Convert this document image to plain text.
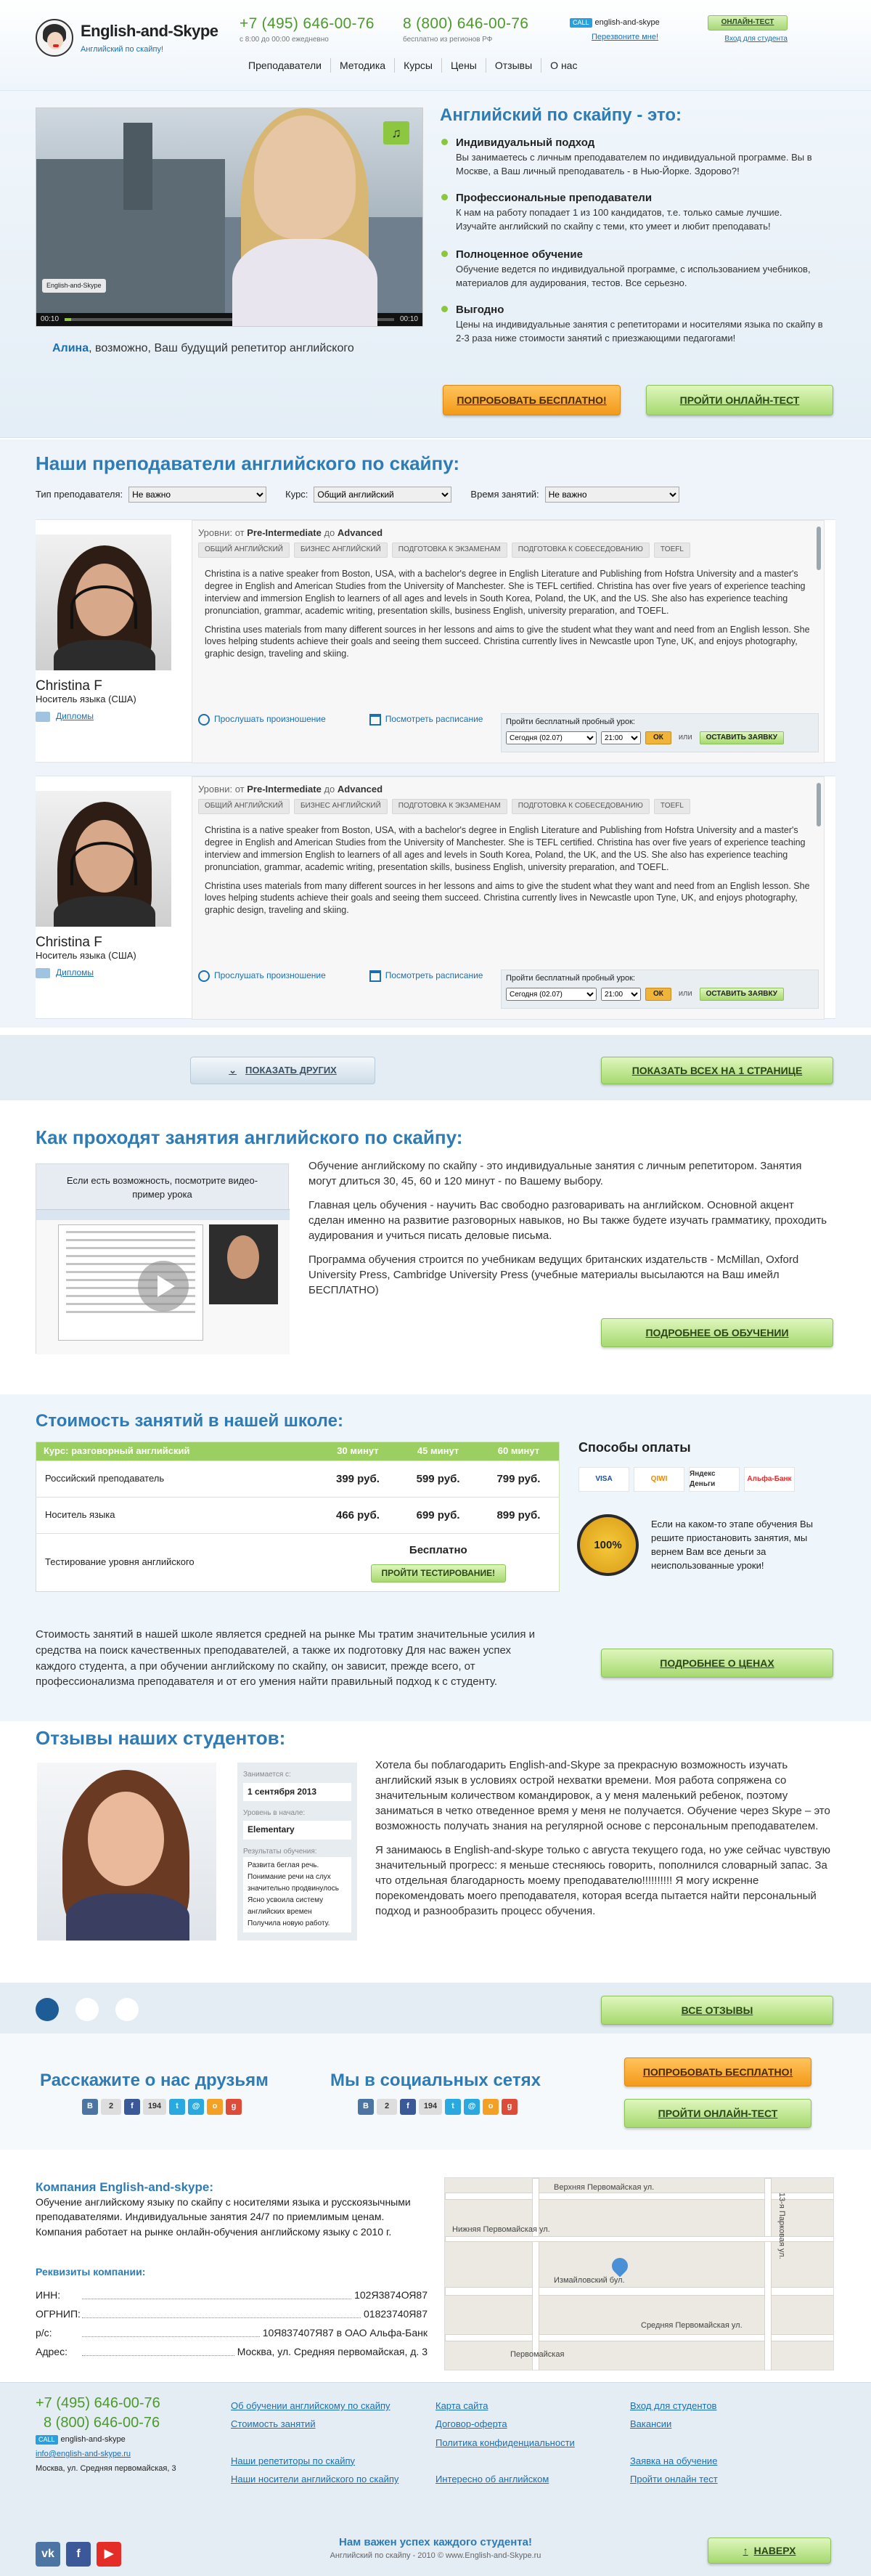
English-and-Skype
Английский по скайпу!
+7 (495) 646-00-76
с 8:00 до 00:00 ежедневно
8 (800) 646-00-76
бесплатно из регионов РФ
CALL english-and-skype
Перезвоните мне!
ОНЛАЙН-ТЕСТ
Вход для студента
Преподаватели	Методика	Курсы	Цены	Отзывы	О нас
♫
English-and-Skype
00:10	00:10
Алина, возможно, Ваш будущий репетитор английского
Английский по скайпу - это:
Индивидуальный подход

Вы занимаетесь с личным преподавателем по индивидуальной программе. Вы в Москве, а Ваш личный преподаватель - в Нью-Йорке. Здорово?!

Профессиональные преподаватели

К нам на работу попадает 1 из 100 кандидатов, т.е. только самые лучшие. Изучайте английский по скайпу с теми, кто умеет и любит преподавать!

Полноценное обучение

Обучение ведется по индивидуальной программе, с использованием учебников, материалов для аудирования, тестов. Все серьезно.

Выгодно

Цены на индивидуальные занятия с репетиторами и носителями языка по скайпу в 2-3 раза ниже стоимости занятий с приезжающими педагогами!

ПОПРОБОВАТЬ БЕСПЛАТНО!	ПРОЙТИ ОНЛАЙН-ТЕСТ
Наши преподаватели английского по скайпу:
Тип преподавателя:
Не важно	Курс:
Общий английский	Время занятий:
Не важно
Christina F
Носитель языка (США)
Дипломы
Уровни: от Pre-Intermediate до Advanced
ОБЩИЙ АНГЛИЙСКИЙ	БИЗНЕС АНГЛИЙСКИЙ	ПОДГОТОВКА К ЭКЗАМЕНАМ	ПОДГОТОВКА К СОБЕСЕДОВАНИЮ	TOEFL

Christina is a native speaker from Boston, USA, with a bachelor's degree in English Literature and Publishing from Hofstra University and a master's degree in English and American Studies from the University of Manchester. She is TEFL certified. Christina has over five years of experience teaching interview and immersion English to learners of all ages and levels in South Korea, Poland, the UK, and the US. She also has experience teaching pronunciation, grammar, academic writing, presentation skills, business English, university preparation, and TOEFL.

Christina uses materials from many different sources in her lessons and aims to give the student what they want and need from an English lesson. She loves helping students achieve their goals and seeing them succeed. Christina currently lives in Newcastle upon Tyne, UK, and enjoys photography, graphic design, traveling and skiing.

Прослушать произношение	Посмотреть расписание	Пройти бесплатный пробный урок:
Сегодня (02.07)
21:00
ОК	или	ОСТАВИТЬ ЗАЯВКУ
Christina F
Носитель языка (США)
Дипломы
Уровни: от Pre-Intermediate до Advanced
ОБЩИЙ АНГЛИЙСКИЙ	БИЗНЕС АНГЛИЙСКИЙ	ПОДГОТОВКА К ЭКЗАМЕНАМ	ПОДГОТОВКА К СОБЕСЕДОВАНИЮ	TOEFL

Christina is a native speaker from Boston, USA, with a bachelor's degree in English Literature and Publishing from Hofstra University and a master's degree in English and American Studies from the University of Manchester. She is TEFL certified. Christina has over five years of experience teaching interview and immersion English to learners of all ages and levels in South Korea, Poland, the UK, and the US. She also has experience teaching pronunciation, grammar, academic writing, presentation skills, business English, university preparation, and TOEFL.

Christina uses materials from many different sources in her lessons and aims to give the student what they want and need from an English lesson. She loves helping students achieve their goals and seeing them succeed. Christina currently lives in Newcastle upon Tyne, UK, and enjoys photography, graphic design, traveling and skiing.

Прослушать произношение	Посмотреть расписание	Пройти бесплатный пробный урок:
Сегодня (02.07)
21:00
ОК	или	ОСТАВИТЬ ЗАЯВКУ
⌄ ПОКАЗАТЬ ДРУГИХ	ПОКАЗАТЬ ВСЕХ НА 1 СТРАНИЦЕ
Как проходят занятия английского по скайпу:

Если есть возможность, посмотрите видео-пример урока

Обучение английскому по скайпу - это индивидуальные занятия с личным репетитором. Занятия могут длиться 30, 45, 60 и 120 минут - по Вашему выбору.

Главная цель обучения - научить Вас свободно разговаривать на английском. Основной акцент сделан именно на развитие разговорных навыков, но Вы также будете изучать грамматику, проходить аудирования и учиться писать деловые письма.

Программа обучения строится по учебникам ведущих британских издательств - McMillan, Oxford University Press, Cambridge University Press (учебные материалы высылаются на Ваш имейл БЕСПЛАТНО)

ПОДРОБНЕЕ ОБ ОБУЧЕНИИ
Стоимость занятий в нашей школе:
Курс: разговорный английский	30 минут	45 минут	60 минут
Российский преподаватель	399 руб.	599 руб.	799 руб.
Носитель языка	466 руб.	699 руб.	899 руб.
Тестирование уровня английского	Бесплатно
ПРОЙТИ ТЕСТИРОВАНИЕ!		
Способы оплаты
VISA	QIWI
Яндекс Деньги
Альфа-Банк
100%
Если на каком-то этапе обучения Вы решите приостановить занятия, мы вернем Вам все деньги за неиспользованные уроки!
Стоимость занятий в нашей школе является средней на рынке Мы тратим значительные усилия и средства на поиск качественных преподавателей, а также их подготовку Для нас важен успех каждого студента, а при обучении английскому по скайпу, он зависит, прежде всего, от профессионализма преподавателя и от его умения найти правильный подход к с студенту.
ПОДРОБНЕЕ О ЦЕНАХ
Отзывы наших студентов:
Занимается с:
1 сентября 2013
Уровень в начале:
Elementary
Результаты обучения:
Развита беглая речь.
Понимание речи на слух
значительно продвинулось
Ясно усвоила систему
английских времен
Получила новую работу.

Хотела бы поблагодарить English-and-Skype за прекрасную возможность изучать английский язык в условиях острой нехватки времени. Моя работа сопряжена со значительным количеством командировок, а у меня маленький ребенок, поэтому заниматься в четко отведенное время у меня не получается. Обучение через Skype – это возможность получать знания на регулярной основе с персональным преподавателем.

Я занимаюсь в English-and-skype только с августа текущего года, но уже сейчас чувствую значительный прогресс: я меньше стесняюсь говорить, пополнился словарный запас. За что отдельная благодарность моему преподавателю!!!!!!!!!! Я могу искренне порекомендовать моего преподавателя, которая всегда пытается найти персональный подход и разнообразить процесс обучения.

ВСЕ ОТЗЫВЫ
Расскажите о нас друзьям	Мы в социальных сетях
В	2	f	194	t	@	o	g	В	2	f	194	t	@	o	g
ПОПРОБОВАТЬ БЕСПЛАТНО!
ПРОЙТИ ОНЛАЙН-ТЕСТ
Компания English-and-skype:
Обучение английскому языку по скайпу с носителями языка и русскоязычными преподавателями. Индивидуальные занятия 24/7 по приемлимым ценам. Компания работает на рынке онлайн-обучения английскому языку с 2010 г.
Реквизиты компании:
ИНН:	102Я3874ОЯ87
ОГРНИП:	01823740Я87
р/с:	10Я837407Я87 в ОАО Альфа-Банк
Адрес:	Москва, ул. Средняя первомайская, д. 3
Верхняя Первомайская ул.
Первомайская
Измайловский бул.
Средняя Первомайская ул.
Нижняя Первомайская ул.	13-я Парковая ул.
+7 (495) 646-00-76
8 (800) 646-00-76
CALL english-and-skype
info@english-and-skype.ru
Москва, ул. Средняя первомайская, 3
Об обучении английскому по скайпу
Стоимость занятий
Наши репетиторы по скайпу
Наши носители английского по скайпу
Карта сайта
Договор-оферта
Политика конфиденциальности
Интересно об английском
Вход для студентов
Вакансии
Заявка на обучение
Пройти онлайн тест
vk	f	▶
Нам важен успех каждого студента!
Английский по скайпу - 2010 © www.English-and-Skype.ru	↑ НАВЕРХ
